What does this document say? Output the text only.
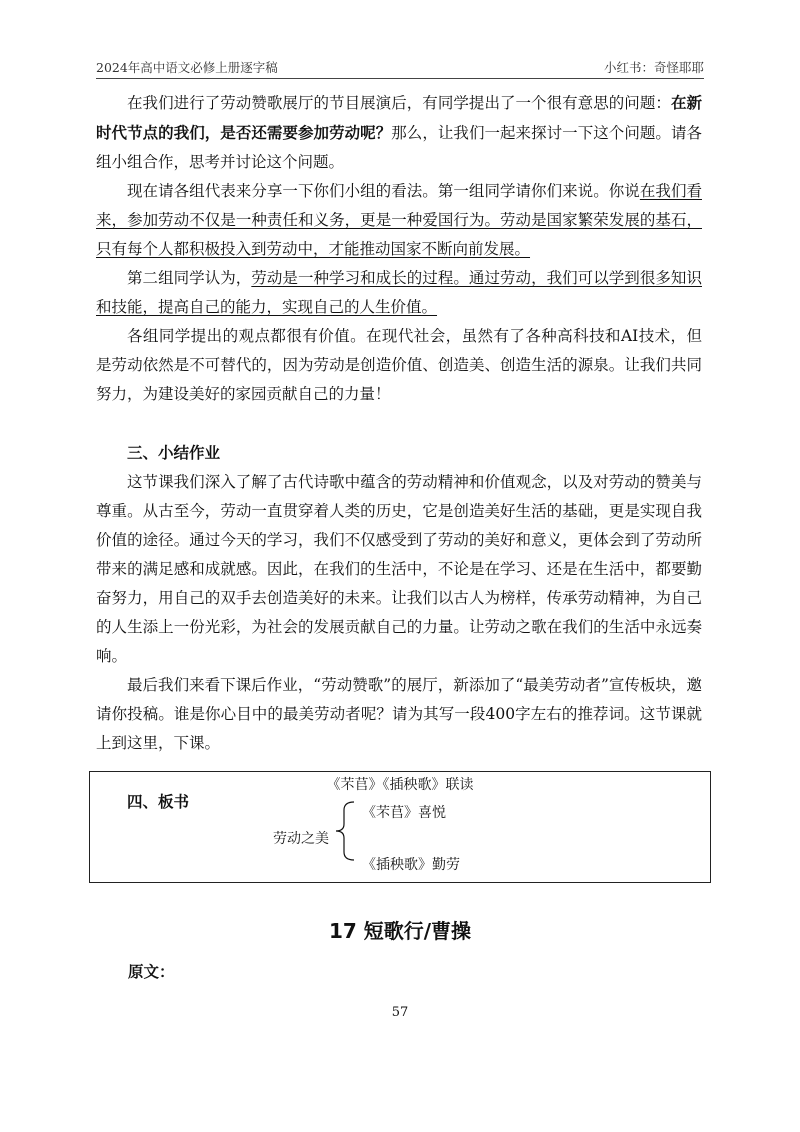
2024年高中语文必修上册逐字稿	小红书：奇怪耶耶

在我们进行了劳动赞歌展厅的节目展演后，有同学提出了一个很有意思的问题：在新时代节点的我们，是否还需要参加劳动呢？那么，让我们一起来探讨一下这个问题。请各组小组合作，思考并讨论这个问题。

现在请各组代表来分享一下你们小组的看法。第一组同学请你们来说。你说在我们看来，参加劳动不仅是一种责任和义务，更是一种爱国行为。劳动是国家繁荣发展的基石，只有每个人都积极投入到劳动中，才能推动国家不断向前发展。

第二组同学认为，劳动是一种学习和成长的过程。通过劳动，我们可以学到很多知识和技能，提高自己的能力，实现自己的人生价值。

各组同学提出的观点都很有价值。在现代社会，虽然有了各种高科技和AI技术，但是劳动依然是不可替代的，因为劳动是创造价值、创造美、创造生活的源泉。让我们共同努力，为建设美好的家园贡献自己的力量！

三、小结作业

这节课我们深入了解了古代诗歌中蕴含的劳动精神和价值观念，以及对劳动的赞美与尊重。从古至今，劳动一直贯穿着人类的历史，它是创造美好生活的基础，更是实现自我价值的途径。通过今天的学习，我们不仅感受到了劳动的美好和意义，更体会到了劳动所带来的满足感和成就感。因此，在我们的生活中，不论是在学习、还是在生活中，都要勤奋努力，用自己的双手去创造美好的未来。让我们以古人为榜样，传承劳动精神，为自己的人生添上一份光彩，为社会的发展贡献自己的力量。让劳动之歌在我们的生活中永远奏响。

最后我们来看下课后作业，“劳动赞歌”的展厅，新添加了“最美劳动者”宣传板块，邀请你投稿。谁是你心目中的最美劳动者呢？请为其写一段400字左右的推荐词。这节课就上到这里，下课。

四、板书
《芣苢》《插秧歌》联读
劳动之美
《芣苢》喜悦
《插秧歌》勤劳
17 短歌行/曹操
原文：
57
